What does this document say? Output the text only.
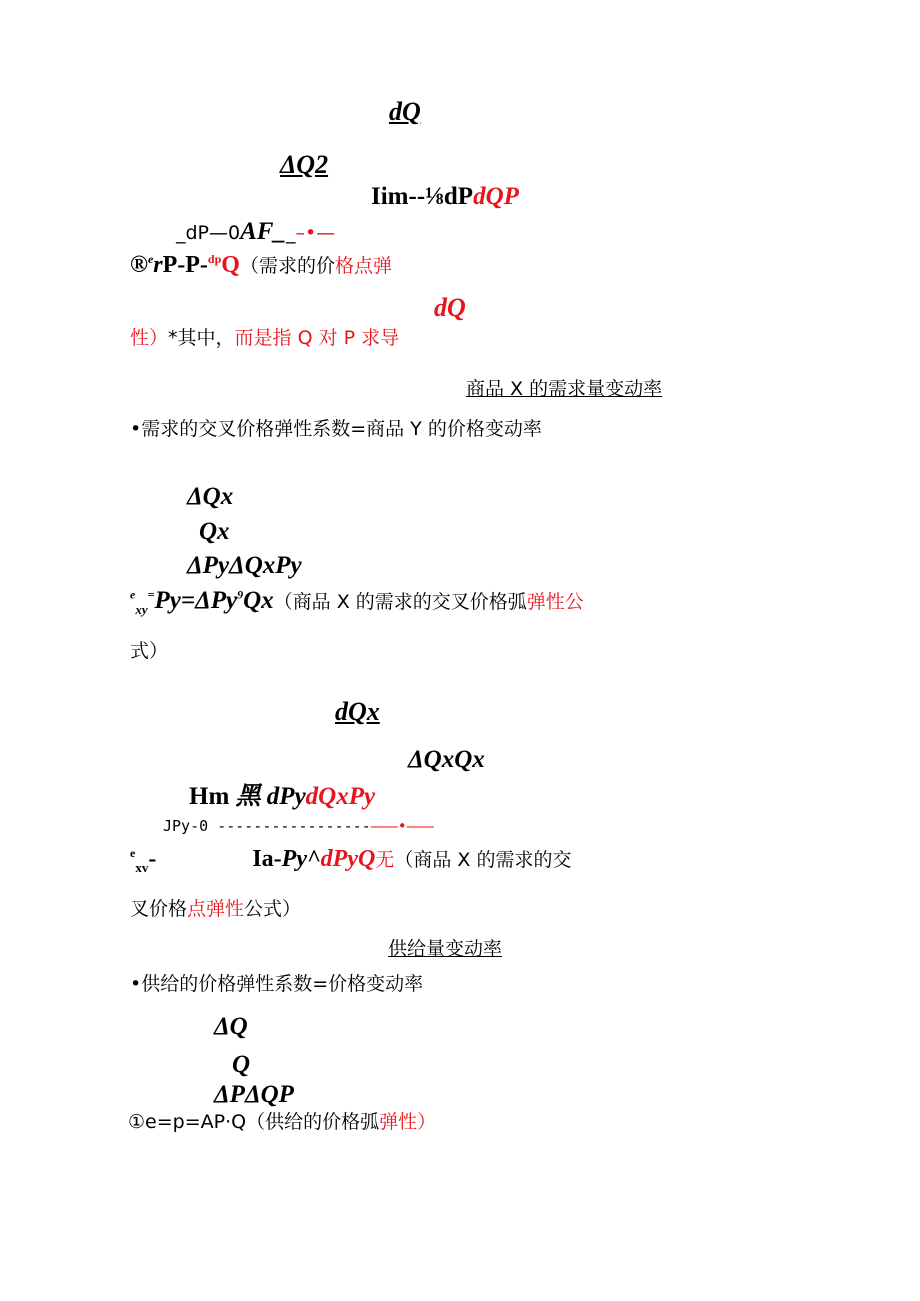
dQ
ΔQ2
Iim--⅛dPdQP
_dP—0AF__–•—
®$^e$rP-P-$^{dp}$Q（需求的价格点弹
dQ
性）*其中，而是指 Q 对 P 求导
商品 X 的需求量变动率
•需求的交叉价格弹性系数=商品 Y 的价格变动率
ΔQx
Qx
ΔPyΔQxPy
$^e_{xy}$=Py=ΔPy$^9$Qx（商品 X 的需求的交叉价格弧弹性公
式）
dQx
ΔQxQx
Hm 黑 dPydQxPy
JPy-0 -----------------———•———
$^e_{xv}$-	Ia-Py^dPyQ无（商品 X 的需求的交
叉价格点弹性公式）
供给量变动率
•供给的价格弹性系数=价格变动率
ΔQ
Q
ΔPΔQP
①e=p=AP·Q（供给的价格弧弹性）
